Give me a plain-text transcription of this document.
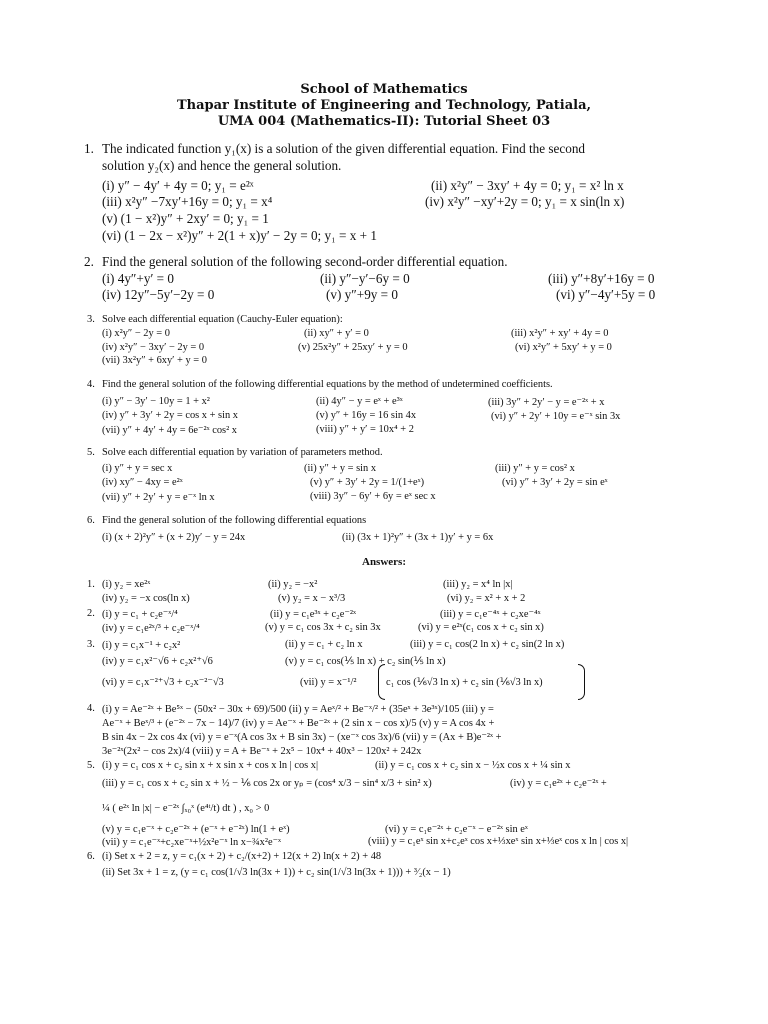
School of Mathematics
Thapar Institute of Engineering and Technology, Patiala,
UMA 004 (Mathematics-II): Tutorial Sheet 03
1. The indicated function y₁(x) is a solution of the given differential equation. Find the second
solution y₂(x) and hence the general solution.
(i) y″ − 4y′ + 4y = 0; y₁ = e²ˣ	(ii) x²y″ − 3xy′ + 4y = 0; y₁ = x² ln x
(iii) x²y″ −7xy′+16y = 0; y₁ = x⁴	(iv) x²y″ −xy′+2y = 0; y₁ = x sin(ln x)
(v) (1 − x²)y″ + 2xy′ = 0; y₁ = 1
(vi) (1 − 2x − x²)y″ + 2(1 + x)y′ − 2y = 0; y₁ = x + 1
2. Find the general solution of the following second-order differential equation.
(i) 4y″+y′ = 0	(ii) y″−y′−6y = 0	(iii) y″+8y′+16y = 0
(iv) 12y″−5y′−2y = 0	(v) y″+9y = 0	(vi) y″−4y′+5y = 0
3. Solve each differential equation (Cauchy-Euler equation):
(i) x²y″ − 2y = 0	(ii) xy″ + y′ = 0	(iii) x²y″ + xy′ + 4y = 0
(iv) x²y″ − 3xy′ − 2y = 0	(v) 25x²y″ + 25xy′ + y = 0	(vi) x²y″ + 5xy′ + y = 0
(vii) 3x²y″ + 6xy′ + y = 0
4. Find the general solution of the following differential equations by the method of undetermined coefficients.
(i) y″ − 3y′ − 10y = 1 + x²	(ii) 4y″ − y = eˣ + e³ˣ	(iii) 3y″ + 2y′ − y = e⁻²ˣ + x
(iv) y″ + 3y′ + 2y = cos x + sin x	(v) y″ + 16y = 16 sin 4x	(vi) y″ + 2y′ + 10y = e⁻ˣ sin 3x
(vii) y″ + 4y′ + 4y = 6e⁻²ˣ cos² x	(viii) y″ + y′ = 10x⁴ + 2
5. Solve each differential equation by variation of parameters method.
(i) y″ + y = sec x	(ii) y″ + y = sin x	(iii) y″ + y = cos² x
(iv) xy″ − 4xy = e²ˣ	(v) y″ + 3y′ + 2y = 1/(1+eˣ)	(vi) y″ + 3y′ + 2y = sin eˣ
(vii) y″ + 2y′ + y = e⁻ˣ ln x	(viii) 3y″ − 6y′ + 6y = eˣ sec x
6. Find the general solution of the following differential equations
(i) (x + 2)²y″ + (x + 2)y′ − y = 24x	(ii) (3x + 1)²y″ + (3x + 1)y′ + y = 6x
Answers:
1. (i) y₂ = xe²ˣ	(ii) y₂ = −x²	(iii) y₂ = x⁴ ln |x|
(iv) y₂ = −x cos(ln x)	(v) y₂ = x − x³/3	(vi) y₂ = x² + x + 2
2. (i) y = c₁ + c₂e⁻ˣ/⁴	(ii) y = c₁e³ˣ + c₂e⁻²ˣ	(iii) y = c₁e⁻⁴ˣ + c₂xe⁻⁴ˣ
(iv) y = c₁e²ˣ/³ + c₂e⁻ˣ/⁴	(v) y = c₁ cos 3x + c₂ sin 3x	(vi) y = e²ˣ(c₁ cos x + c₂ sin x)
3. (i) y = c₁x⁻¹ + c₂x²	(ii) y = c₁ + c₂ ln x	(iii) y = c₁ cos(2 ln x) + c₂ sin(2 ln x)
(iv) y = c₁x²⁻√6 + c₂x²⁺√6	(v) y = c₁ cos(⅕ ln x) + c₂ sin(⅕ ln x)
(vi) y = c₁x⁻²⁺√3 + c₂x⁻²⁻√3	(vii) y = x⁻¹/²	c₁ cos (⅙√3 ln x) + c₂ sin (⅙√3 ln x)
4. (i) y = Ae⁻²ˣ + Be⁵ˣ − (50x² − 30x + 69)/500 (ii) y = Aeˣ/² + Be⁻ˣ/² + (35eˣ + 3e³ˣ)/105 (iii) y =
Ae⁻ˣ + Beˣ/³ + (e⁻²ˣ − 7x − 14)/7 (iv) y = Ae⁻ˣ + Be⁻²ˣ + (2 sin x − cos x)/5 (v) y = A cos 4x +
B sin 4x − 2x cos 4x (vi) y = e⁻ˣ(A cos 3x + B sin 3x) − (xe⁻ˣ cos 3x)/6 (vii) y = (Ax + B)e⁻²ˣ +
3e⁻²ˣ(2x² − cos 2x)/4 (viii) y = A + Be⁻ˣ + 2x⁵ − 10x⁴ + 40x³ − 120x² + 242x
5. (i) y = c₁ cos x + c₂ sin x + x sin x + cos x ln | cos x|	(ii) y = c₁ cos x + c₂ sin x − ½x cos x + ¼ sin x
(iii) y = c₁ cos x + c₂ sin x + ½ − ⅙ cos 2x or yₚ = (cos⁴ x/3 − sin⁴ x/3 + sin² x)	(iv) y = c₁e²ˣ + c₂e⁻²ˣ +
¼ ( e²ˣ ln |x| − e⁻²ˣ ∫ₓ₀ˣ (e⁴ᵗ/t) dt ) , x₀ > 0
(v) y = c₁e⁻ˣ + c₂e⁻²ˣ + (e⁻ˣ + e⁻²ˣ) ln(1 + eˣ)	(vi) y = c₁e⁻²ˣ + c₂e⁻ˣ − e⁻²ˣ sin eˣ
(vii) y = c₁e⁻ˣ+c₂xe⁻ˣ+½x²e⁻ˣ ln x−¾x²e⁻ˣ	(viii) y = c₁eˣ sin x+c₂eˣ cos x+⅓xeˣ sin x+⅓eˣ cos x ln | cos x|
6. (i) Set x + 2 = z, y = c₁(x + 2) + c₂/(x+2) + 12(x + 2) ln(x + 2) + 48
(ii) Set 3x + 1 = z, (y = c₁ cos(1/√3 ln(3x + 1)) + c₂ sin(1/√3 ln(3x + 1))) + ³⁄₂(x − 1)
